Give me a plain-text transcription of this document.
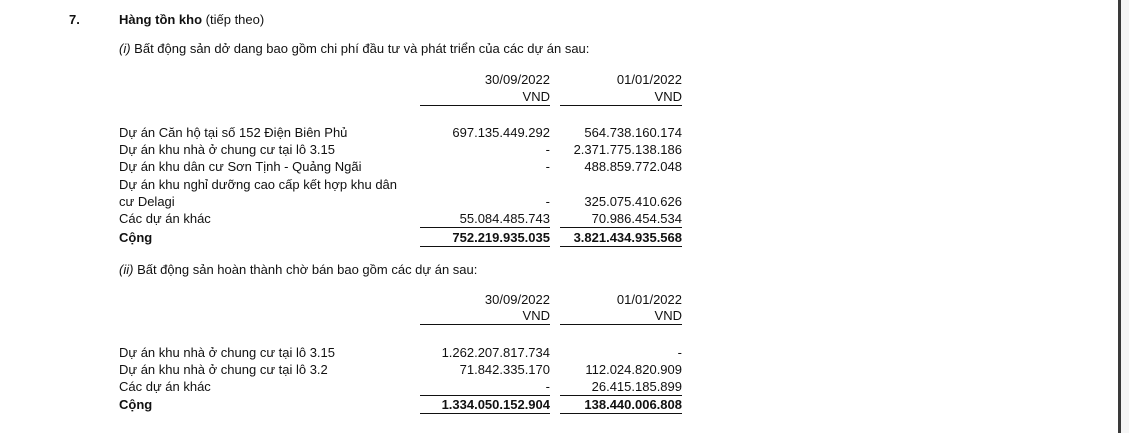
7.	Hàng tồn kho (tiếp theo)
(i) Bất động sản dở dang bao gồm chi phí đầu tư và phát triển của các dự án sau:
30/09/2022	01/01/2022
VND	VND
Dự án Căn hộ tại số 152 Điện Biên Phủ	697.135.449.292	564.738.160.174
Dự án khu nhà ở chung cư tại lô 3.15	-	2.371.775.138.186
Dự án khu dân cư Sơn Tịnh - Quảng Ngãi	-	488.859.772.048
Dự án khu nghỉ dưỡng cao cấp kết hợp khu dân
cư Delagi	-	325.075.410.626
Các dự án khác	55.084.485.743	70.986.454.534
Cộng	752.219.935.035	3.821.434.935.568
(ii) Bất động sản hoàn thành chờ bán bao gồm các dự án sau:
30/09/2022	01/01/2022
VND	VND
Dự án khu nhà ở chung cư tại lô 3.15	1.262.207.817.734	-
Dự án khu nhà ở chung cư tại lô 3.2	71.842.335.170	112.024.820.909
Các dự án khác	-	26.415.185.899
Cộng	1.334.050.152.904	138.440.006.808
